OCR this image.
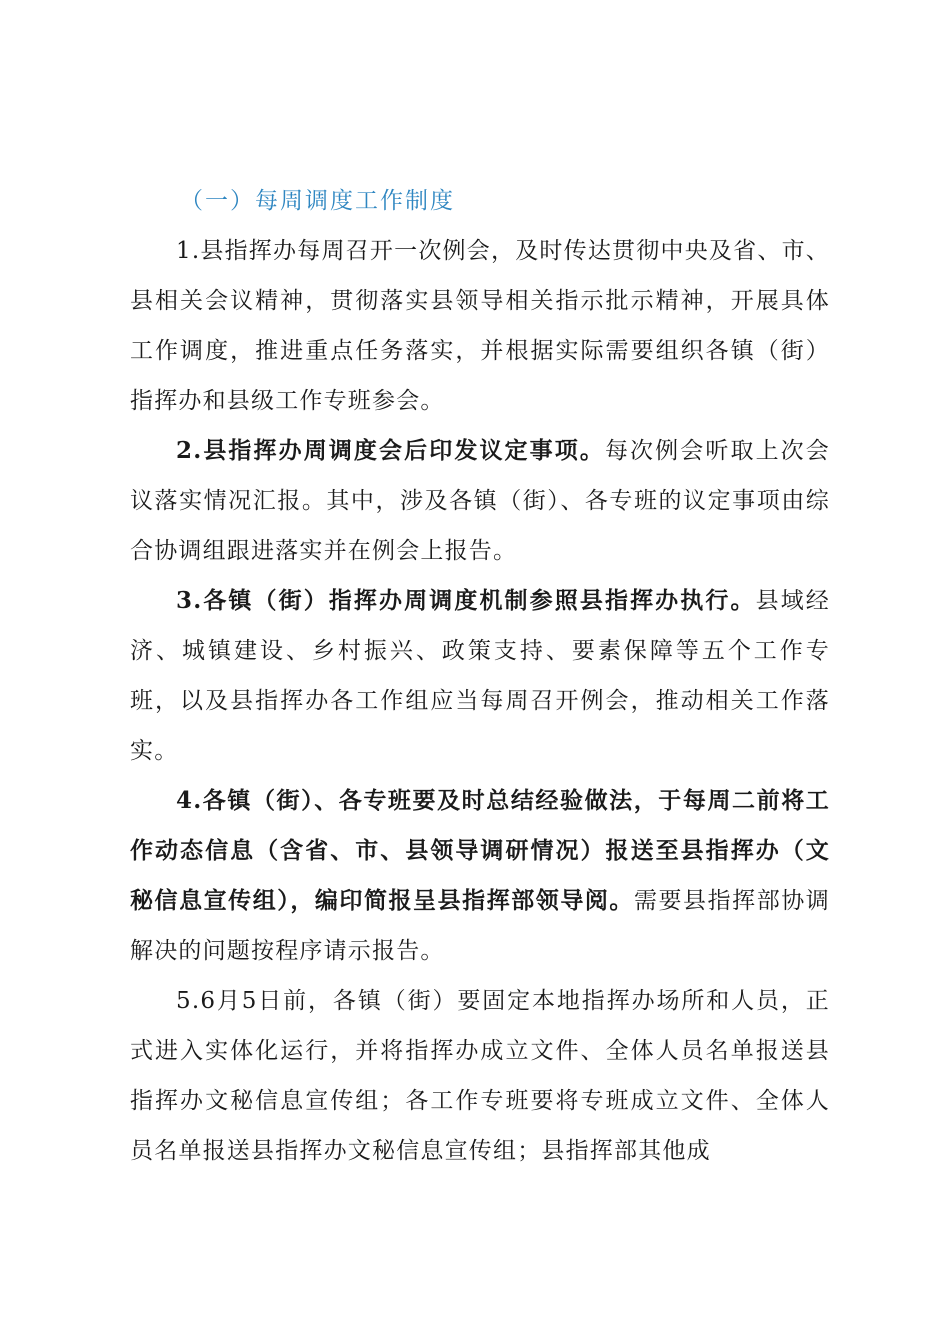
（一）每周调度工作制度

1.县指挥办每周召开一次例会，及时传达贯彻中央及省、市、县相关会议精神，贯彻落实县领导相关指示批示精神，开展具体工作调度，推进重点任务落实，并根据实际需要组织各镇（街）指挥办和县级工作专班参会。

2.县指挥办周调度会后印发议定事项。每次例会听取上次会议落实情况汇报。其中，涉及各镇（街）、各专班的议定事项由综合协调组跟进落实并在例会上报告。

3.各镇（街）指挥办周调度机制参照县指挥办执行。县域经济、城镇建设、乡村振兴、政策支持、要素保障等五个工作专班，以及县指挥办各工作组应当每周召开例会，推动相关工作落实。

4.各镇（街）、各专班要及时总结经验做法，于每周二前将工作动态信息（含省、市、县领导调研情况）报送至县指挥办（文秘信息宣传组），编印简报呈县指挥部领导阅。需要县指挥部协调解决的问题按程序请示报告。

5.6月5日前，各镇（街）要固定本地指挥办场所和人员，正式进入实体化运行，并将指挥办成立文件、全体人员名单报送县指挥办文秘信息宣传组；各工作专班要将专班成立文件、全体人员名单报送县指挥办文秘信息宣传组；县指挥部其他成
